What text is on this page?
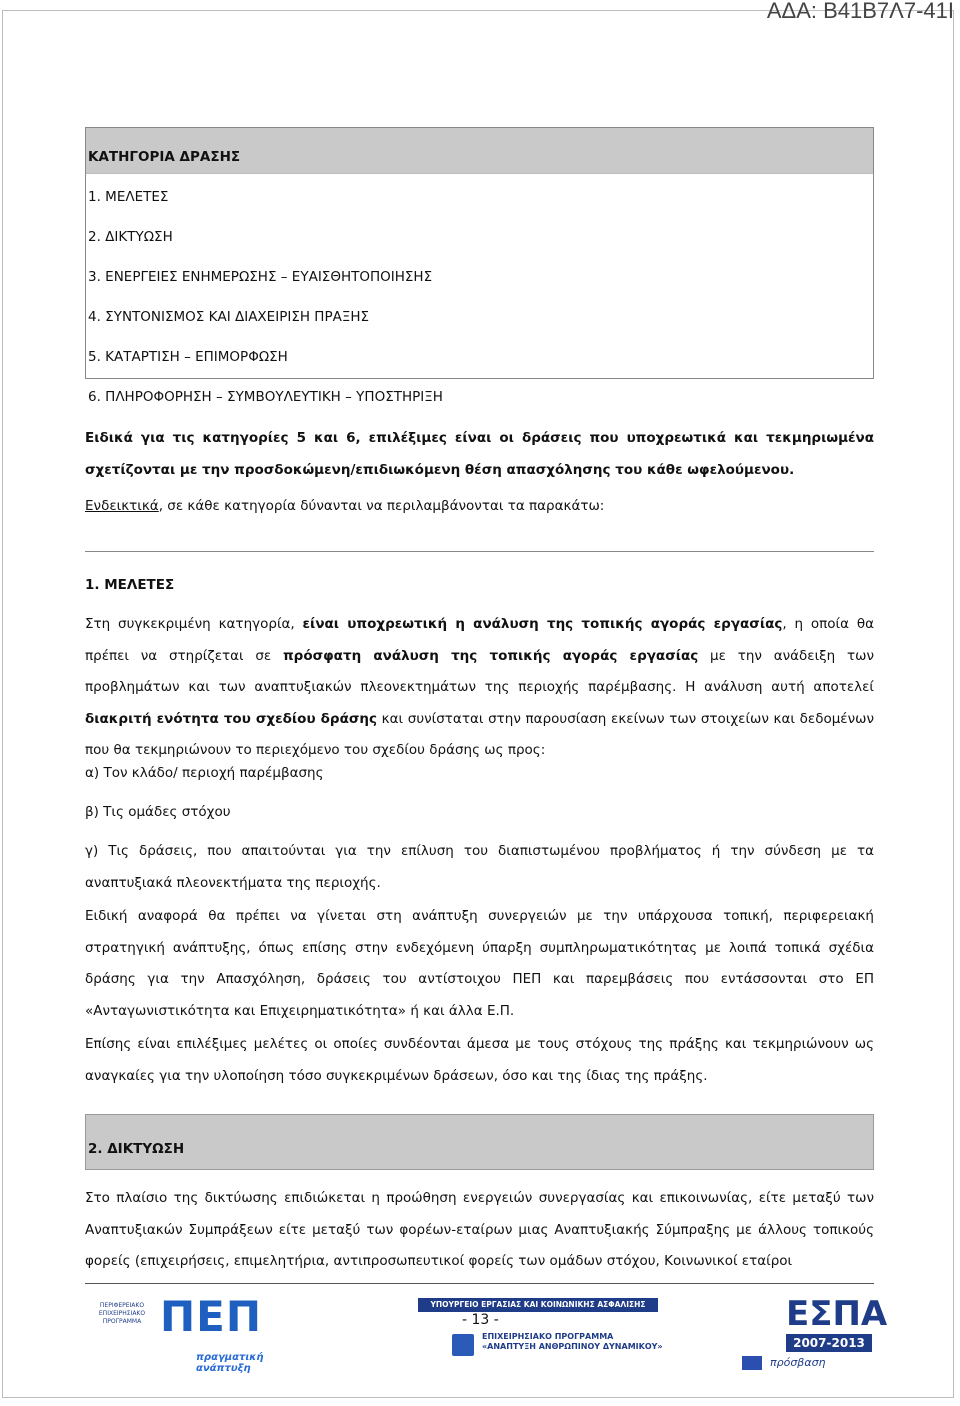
ΑΔΑ: Β41Β7Λ7-41Ι
ΚΑΤΗΓΟΡΙΑ ΔΡΑΣΗΣ
1. ΜΕΛΕΤΕΣ
2. ΔΙΚΤΥΩΣΗ
3. ΕΝΕΡΓΕΙΕΣ ΕΝΗΜΕΡΩΣΗΣ – ΕΥΑΙΣΘΗΤΟΠΟΙΗΣΗΣ
4. ΣΥΝΤΟΝΙΣΜΟΣ ΚΑΙ ΔΙΑΧΕΙΡΙΣΗ ΠΡΑΞΗΣ
5. ΚΑΤΑΡΤΙΣΗ – ΕΠΙΜΟΡΦΩΣΗ
6. ΠΛΗΡΟΦΟΡΗΣΗ – ΣΥΜΒΟΥΛΕΥΤΙΚΗ – ΥΠΟΣΤΗΡΙΞΗ

Ειδικά για τις κατηγορίες 5 και 6, επιλέξιμες είναι οι δράσεις που υποχρεωτικά και τεκμηριωμένα σχετίζονται με την προσδοκώμενη/επιδιωκόμενη θέση απασχόλησης του κάθε ωφελούμενου.

Ενδεικτικά, σε κάθε κατηγορία δύνανται να περιλαμβάνονται τα παρακάτω:

1. ΜΕΛΕΤΕΣ

Στη συγκεκριμένη κατηγορία, είναι υποχρεωτική η ανάλυση της τοπικής αγοράς εργασίας, η οποία θα πρέπει να στηρίζεται σε πρόσφατη ανάλυση της τοπικής αγοράς εργασίας με την ανάδειξη των προβλημάτων και των αναπτυξιακών πλεονεκτημάτων της περιοχής παρέμβασης. Η ανάλυση αυτή αποτελεί διακριτή ενότητα του σχεδίου δράσης και συνίσταται στην παρουσίαση εκείνων των στοιχείων και δεδομένων που θα τεκμηριώνουν το περιεχόμενο του σχεδίου δράσης ως προς:

α) Τον κλάδο/ περιοχή παρέμβασης

β) Τις ομάδες στόχου

γ) Τις δράσεις, που απαιτούνται για την επίλυση του διαπιστωμένου προβλήματος ή την σύνδεση με τα αναπτυξιακά πλεονεκτήματα της περιοχής.

Ειδική αναφορά θα πρέπει να γίνεται στη ανάπτυξη συνεργειών με την υπάρχουσα τοπική, περιφερειακή στρατηγική ανάπτυξης, όπως επίσης στην ενδεχόμενη ύπαρξη συμπληρωματικότητας με λοιπά τοπικά σχέδια δράσης για την Απασχόληση, δράσεις του αντίστοιχου ΠΕΠ και παρεμβάσεις που εντάσσονται στο ΕΠ «Ανταγωνιστικότητα και Επιχειρηματικότητα» ή και άλλα Ε.Π.

Επίσης είναι επιλέξιμες μελέτες οι οποίες συνδέονται άμεσα με τους στόχους της πράξης και τεκμηριώνουν ως αναγκαίες για την υλοποίηση τόσο συγκεκριμένων δράσεων, όσο και της ίδιας της πράξης.

2. ΔΙΚΤΥΩΣΗ

Στο πλαίσιο της δικτύωσης επιδιώκεται η προώθηση ενεργειών συνεργασίας και επικοινωνίας, είτε μεταξύ των Αναπτυξιακών Συμπράξεων είτε μεταξύ των φορέων-εταίρων μιας Αναπτυξιακής Σύμπραξης με άλλους τοπικούς φορείς (επιχειρήσεις, επιμελητήρια, αντιπροσωπευτικοί φορείς των ομάδων στόχου, Κοινωνικοί εταίροι

ΠΕΡΙΦΕΡΕΙΑΚΟ ΕΠΙΧΕΙΡΗΣΙΑΚΟ ΠΡΟΓΡΑΜΜΑ ΠΕΠ
πραγματική ανάπτυξη
ΥΠΟΥΡΓΕΙΟ ΕΡΓΑΣΙΑΣ ΚΑΙ ΚΟΙΝΩΝΙΚΗΣ ΑΣΦΑΛΙΣΗΣ
- 13 -
ΕΠΙΧΕΙΡΗΣΙΑΚΟ ΠΡΟΓΡΑΜΜΑ
«ΑΝΑΠΤΥΞΗ ΑΝΘΡΩΠΙΝΟΥ ΔΥΝΑΜΙΚΟΥ»
ΕΣΠΑ
2007-2013
πρόσβαση
